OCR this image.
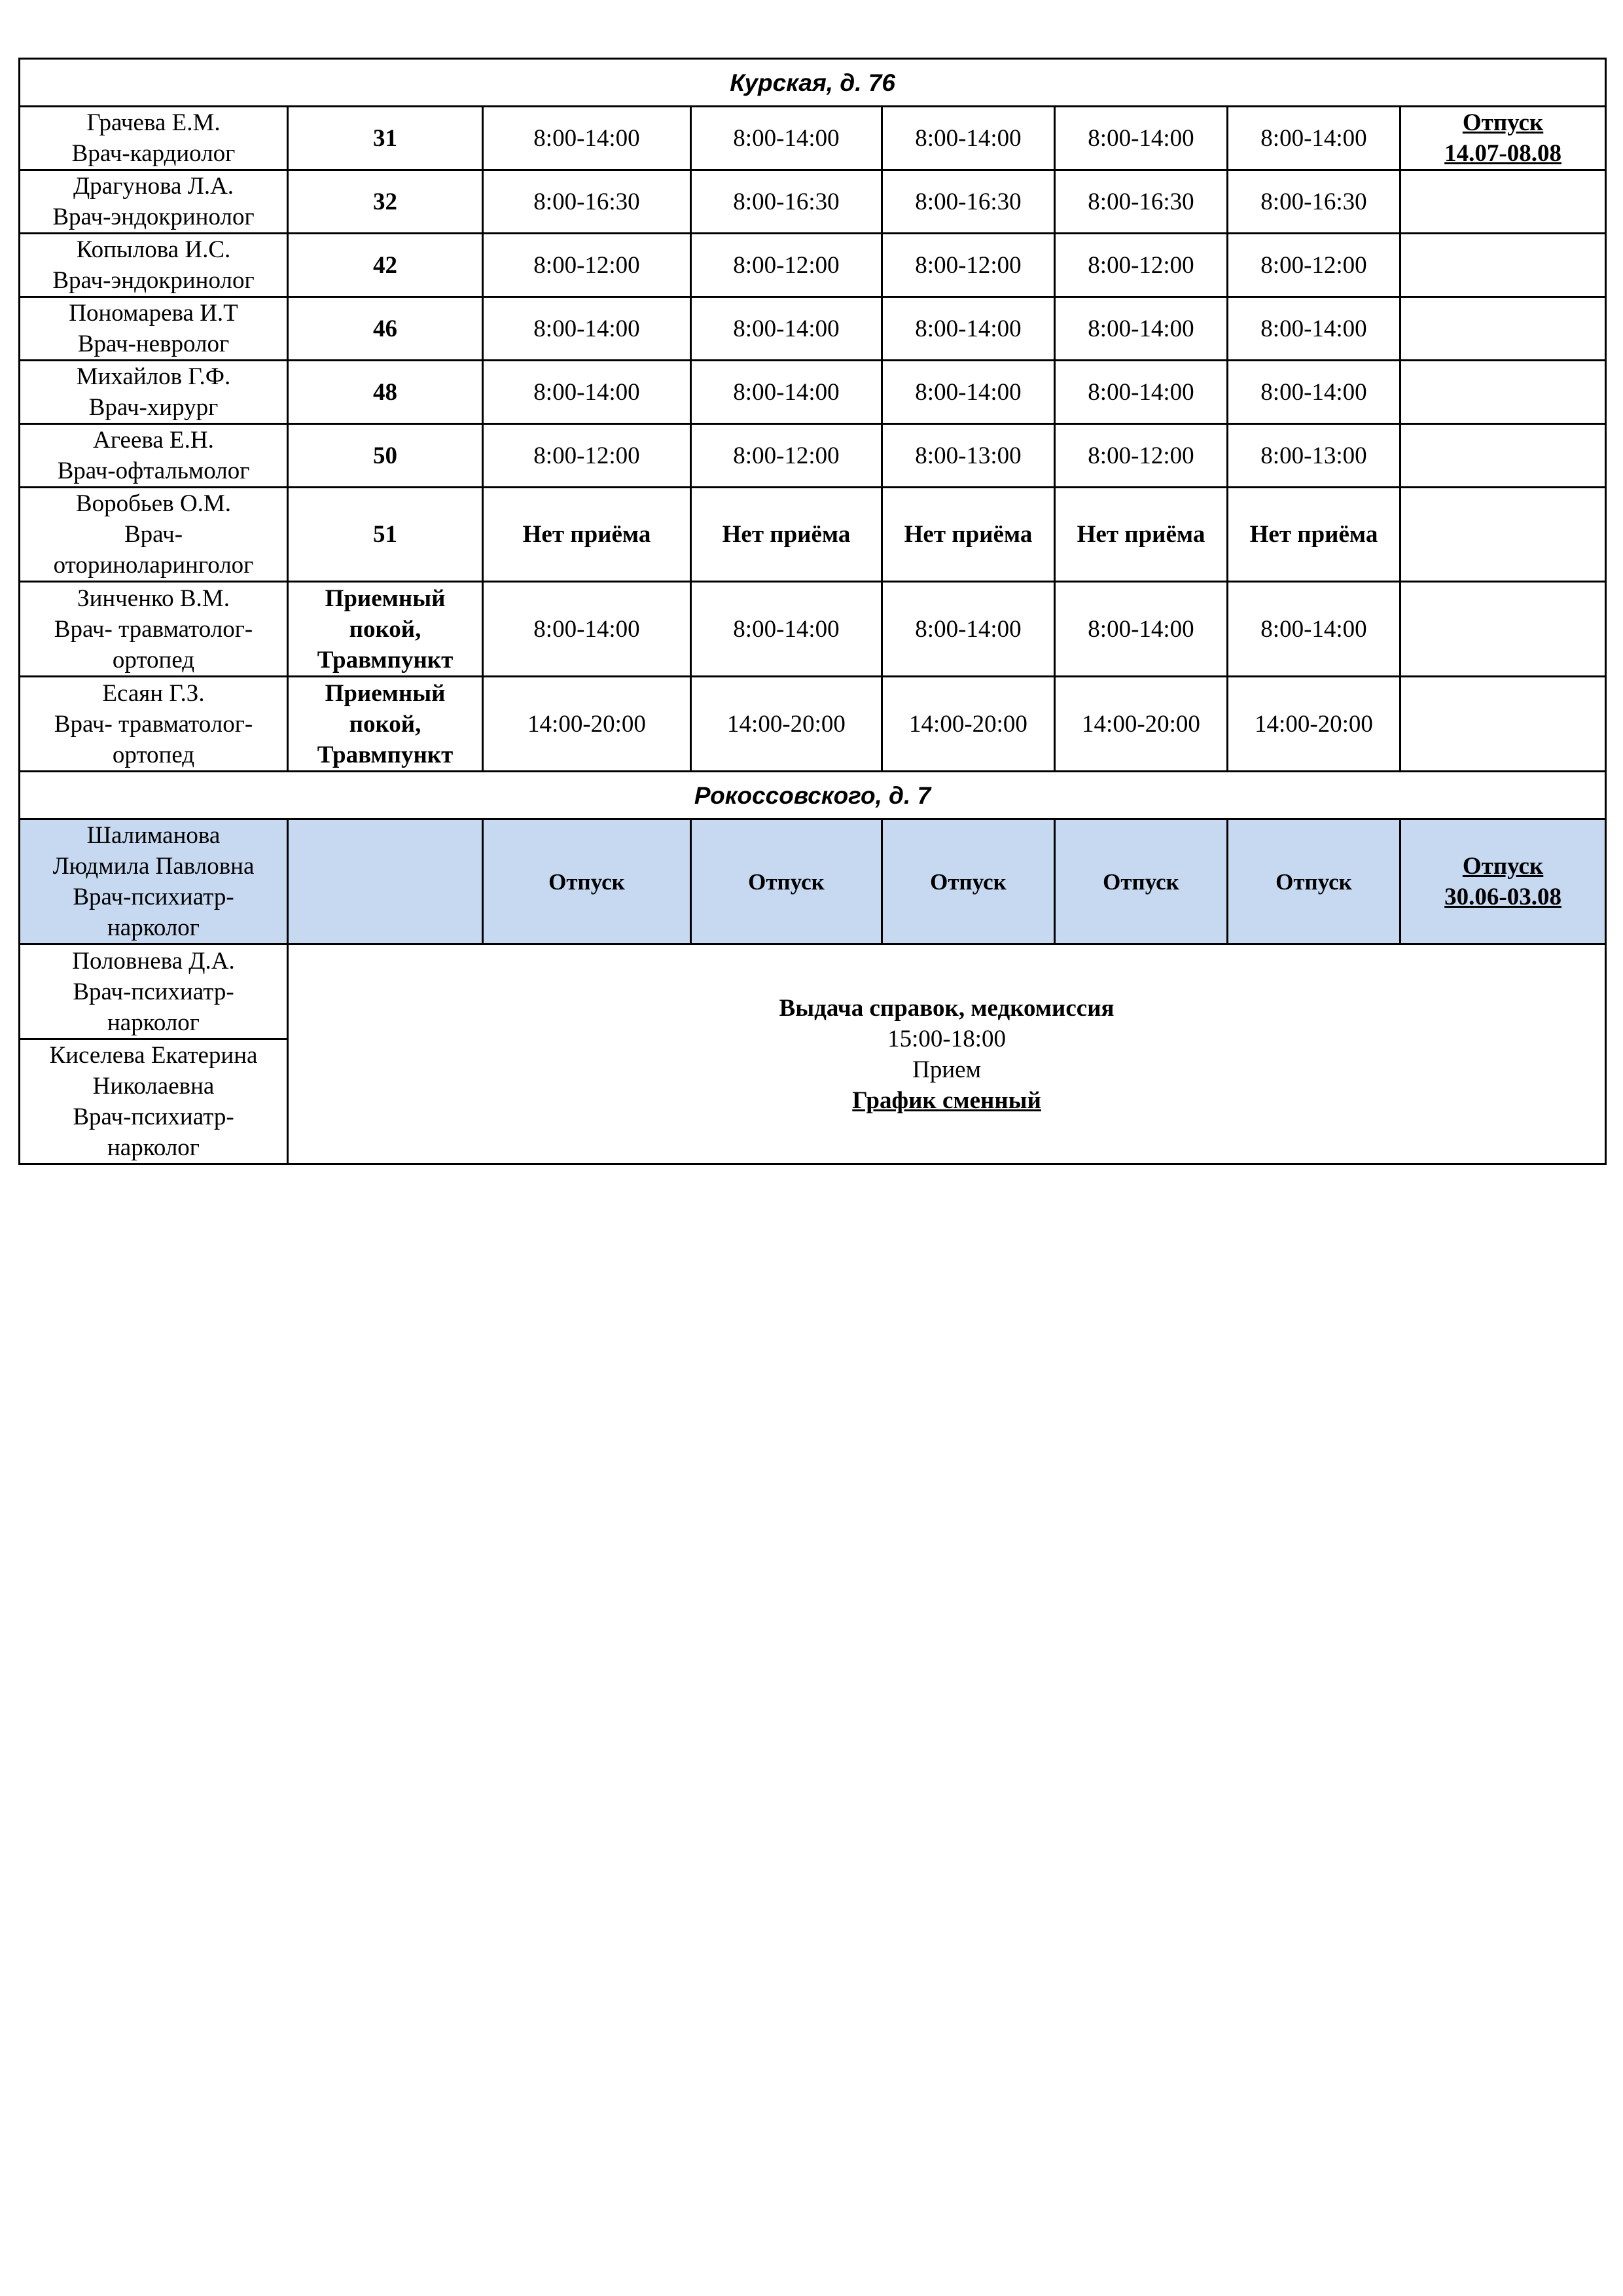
Курская, д. 76							

Грачева Е.М.
Врач-кардиолог	31	8:00-14:00	8:00-14:00	8:00-14:00	8:00-14:00	8:00-14:00	Отпуск
14.07-08.08

Драгунова Л.А.
Врач-эндокринолог	32	8:00-16:30	8:00-16:30	8:00-16:30	8:00-16:30	8:00-16:30	

Копылова И.С.
Врач-эндокринолог	42	8:00-12:00	8:00-12:00	8:00-12:00	8:00-12:00	8:00-12:00	

Пономарева И.Т
Врач-невролог	46	8:00-14:00	8:00-14:00	8:00-14:00	8:00-14:00	8:00-14:00	

Михайлов Г.Ф.
Врач-хирург	48	8:00-14:00	8:00-14:00	8:00-14:00	8:00-14:00	8:00-14:00	

Агеева Е.Н.
Врач-офтальмолог	50	8:00-12:00	8:00-12:00	8:00-13:00	8:00-12:00	8:00-13:00	

Воробьев О.М.
Врач-
оториноларинголог	51	Нет приёма	Нет приёма	Нет приёма	Нет приёма	Нет приёма	

Зинченко В.М.
Врач- травматолог-
ортопед	Приемный
покой,
Травмпункт	8:00-14:00	8:00-14:00	8:00-14:00	8:00-14:00	8:00-14:00	

Есаян Г.З.
Врач- травматолог-
ортопед	Приемный
покой,
Травмпункт	14:00-20:00	14:00-20:00	14:00-20:00	14:00-20:00	14:00-20:00	
Рокоссовского, д. 7							

Шалиманова
Людмила Павловна
Врач-психиатр-
нарколог		Отпуск	Отпуск	Отпуск	Отпуск	Отпуск	Отпуск
30.06-03.08

Половнева Д.А.
Врач-психиатр-
нарколог	Выдача справок, медкомиссия
15:00-18:00
Прием
График сменный						

Киселева Екатерина
Николаевна
Врач-психиатр-
нарколог							
